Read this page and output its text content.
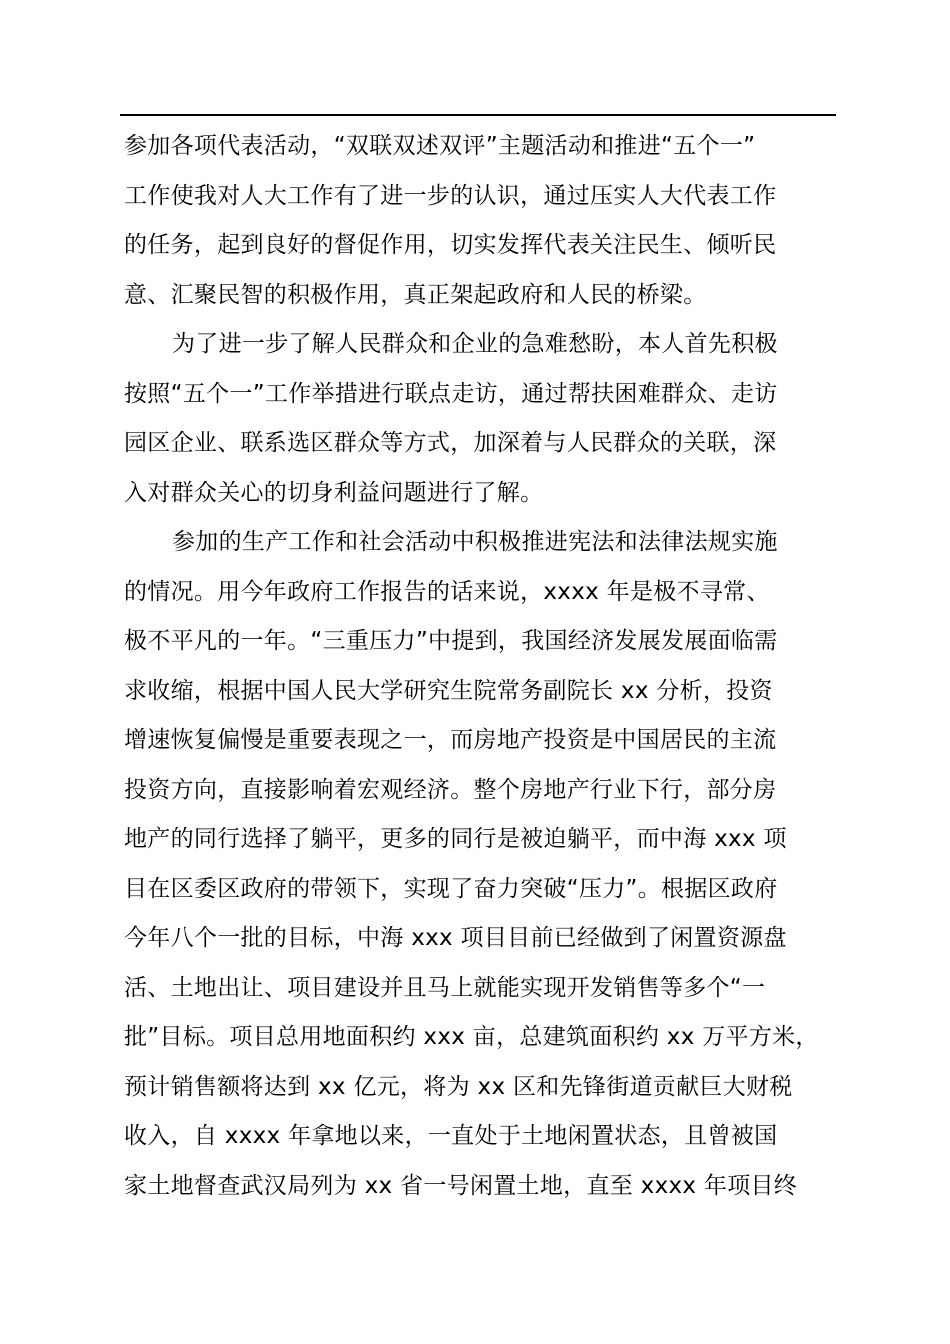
参加各项代表活动，“双联双述双评”主题活动和推进“五个一”
工作使我对人大工作有了进一步的认识，通过压实人大代表工作
的任务，起到良好的督促作用，切实发挥代表关注民生、倾听民
意、汇聚民智的积极作用，真正架起政府和人民的桥梁。
为了进一步了解人民群众和企业的急难愁盼，本人首先积极
按照“五个一”工作举措进行联点走访，通过帮扶困难群众、走访
园区企业、联系选区群众等方式，加深着与人民群众的关联，深
入对群众关心的切身利益问题进行了解。
参加的生产工作和社会活动中积极推进宪法和法律法规实施
的情况。用今年政府工作报告的话来说，xxxx 年是极不寻常、
极不平凡的一年。“三重压力”中提到，我国经济发展发展面临需
求收缩，根据中国人民大学研究生院常务副院长 xx 分析，投资
增速恢复偏慢是重要表现之一，而房地产投资是中国居民的主流
投资方向，直接影响着宏观经济。整个房地产行业下行，部分房
地产的同行选择了躺平，更多的同行是被迫躺平，而中海 xxx 项
目在区委区政府的带领下，实现了奋力突破“压力”。根据区政府
今年八个一批的目标，中海 xxx 项目目前已经做到了闲置资源盘
活、土地出让、项目建设并且马上就能实现开发销售等多个“一
批”目标。项目总用地面积约 xxx 亩，总建筑面积约 xx 万平方米，
预计销售额将达到 xx 亿元，将为 xx 区和先锋街道贡献巨大财税
收入，自 xxxx 年拿地以来，一直处于土地闲置状态，且曾被国
家土地督查武汉局列为 xx 省一号闲置土地，直至 xxxx 年项目终
